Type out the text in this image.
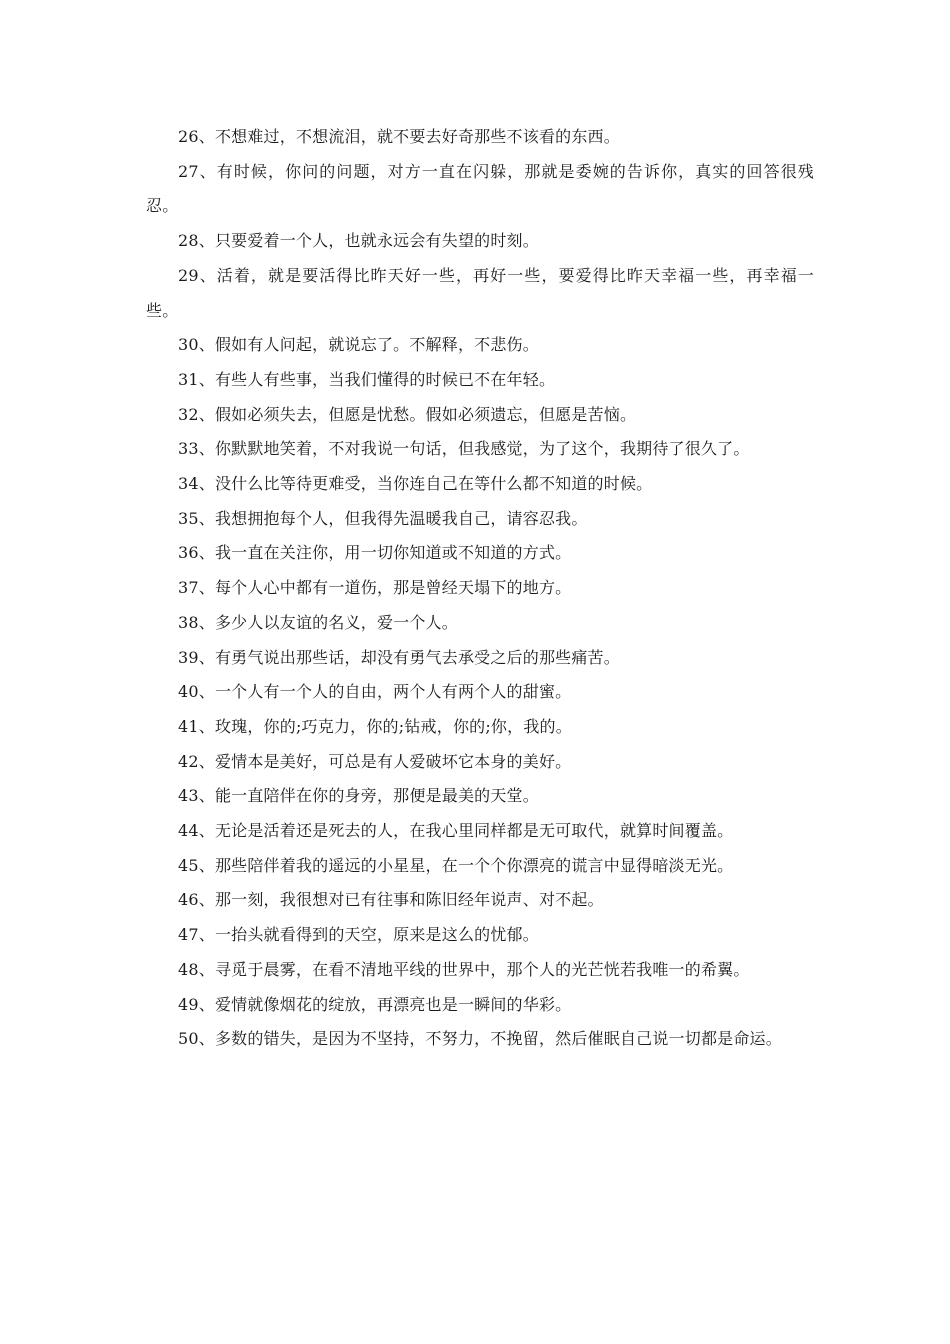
26、不想难过，不想流泪，就不要去好奇那些不该看的东西。

27、有时候，你问的问题，对方一直在闪躲，那就是委婉的告诉你，真实的回答很残忍。

28、只要爱着一个人，也就永远会有失望的时刻。

29、活着，就是要活得比昨天好一些，再好一些，要爱得比昨天幸福一些，再幸福一些。

30、假如有人问起，就说忘了。不解释，不悲伤。

31、有些人有些事，当我们懂得的时候已不在年轻。

32、假如必须失去，但愿是忧愁。假如必须遗忘，但愿是苦恼。

33、你默默地笑着，不对我说一句话，但我感觉，为了这个，我期待了很久了。

34、没什么比等待更难受，当你连自己在等什么都不知道的时候。

35、我想拥抱每个人，但我得先温暖我自己，请容忍我。

36、我一直在关注你，用一切你知道或不知道的方式。

37、每个人心中都有一道伤，那是曾经天塌下的地方。

38、多少人以友谊的名义，爱一个人。

39、有勇气说出那些话，却没有勇气去承受之后的那些痛苦。

40、一个人有一个人的自由，两个人有两个人的甜蜜。

41、玫瑰，你的;巧克力，你的;钻戒，你的;你，我的。

42、爱情本是美好，可总是有人爱破坏它本身的美好。

43、能一直陪伴在你的身旁，那便是最美的天堂。

44、无论是活着还是死去的人，在我心里同样都是无可取代，就算时间覆盖。

45、那些陪伴着我的遥远的小星星，在一个个你漂亮的谎言中显得暗淡无光。

46、那一刻，我很想对已有往事和陈旧经年说声、对不起。

47、一抬头就看得到的天空，原来是这么的忧郁。

48、寻觅于晨雾，在看不清地平线的世界中，那个人的光芒恍若我唯一的希翼。

49、爱情就像烟花的绽放，再漂亮也是一瞬间的华彩。

50、多数的错失，是因为不坚持，不努力，不挽留，然后催眠自己说一切都是命运。
